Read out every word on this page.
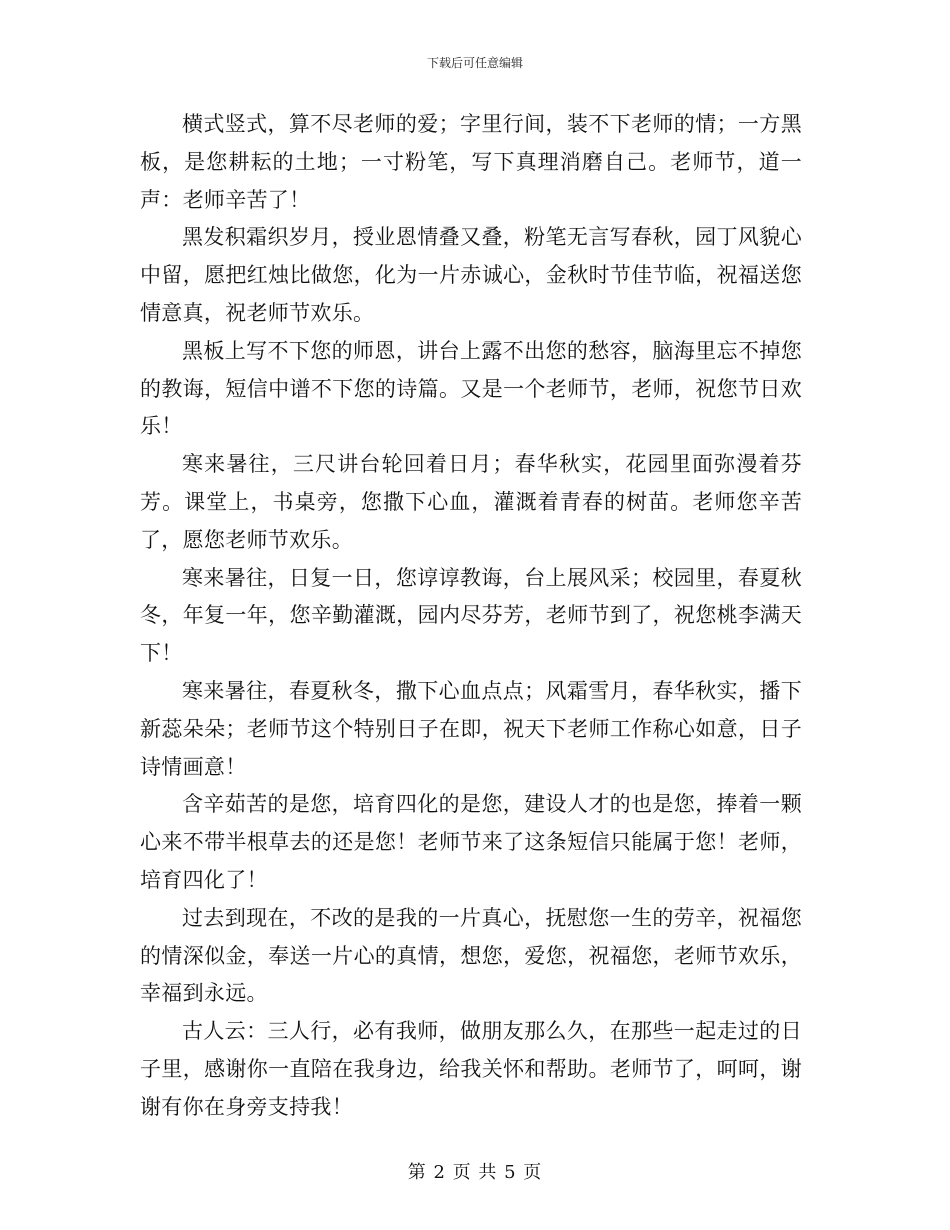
下载后可任意编辑

横式竖式，算不尽老师的爱；字里行间，装不下老师的情；一方黑板，是您耕耘的土地；一寸粉笔，写下真理消磨自己。老师节，道一声：老师辛苦了！

黑发积霜织岁月，授业恩情叠又叠，粉笔无言写春秋，园丁风貌心中留，愿把红烛比做您，化为一片赤诚心，金秋时节佳节临，祝福送您情意真，祝老师节欢乐。

黑板上写不下您的师恩，讲台上露不出您的愁容，脑海里忘不掉您的教诲，短信中谱不下您的诗篇。又是一个老师节，老师，祝您节日欢乐！

寒来暑往，三尺讲台轮回着日月；春华秋实，花园里面弥漫着芬芳。课堂上，书桌旁，您撒下心血，灌溉着青春的树苗。老师您辛苦了，愿您老师节欢乐。

寒来暑往，日复一日，您谆谆教诲，台上展风采；校园里，春夏秋冬，年复一年，您辛勤灌溉，园内尽芬芳，老师节到了，祝您桃李满天下！

寒来暑往，春夏秋冬，撒下心血点点；风霜雪月，春华秋实，播下新蕊朵朵；老师节这个特别日子在即，祝天下老师工作称心如意，日子诗情画意！

含辛茹苦的是您，培育四化的是您，建设人才的也是您，捧着一颗心来不带半根草去的还是您！老师节来了这条短信只能属于您！老师，培育四化了！

过去到现在，不改的是我的一片真心，抚慰您一生的劳辛，祝福您的情深似金，奉送一片心的真情，想您，爱您，祝福您，老师节欢乐，幸福到永远。

古人云：三人行，必有我师，做朋友那么久，在那些一起走过的日子里，感谢你一直陪在我身边，给我关怀和帮助。老师节了，呵呵，谢谢有你在身旁支持我！

第 2 页 共 5 页
